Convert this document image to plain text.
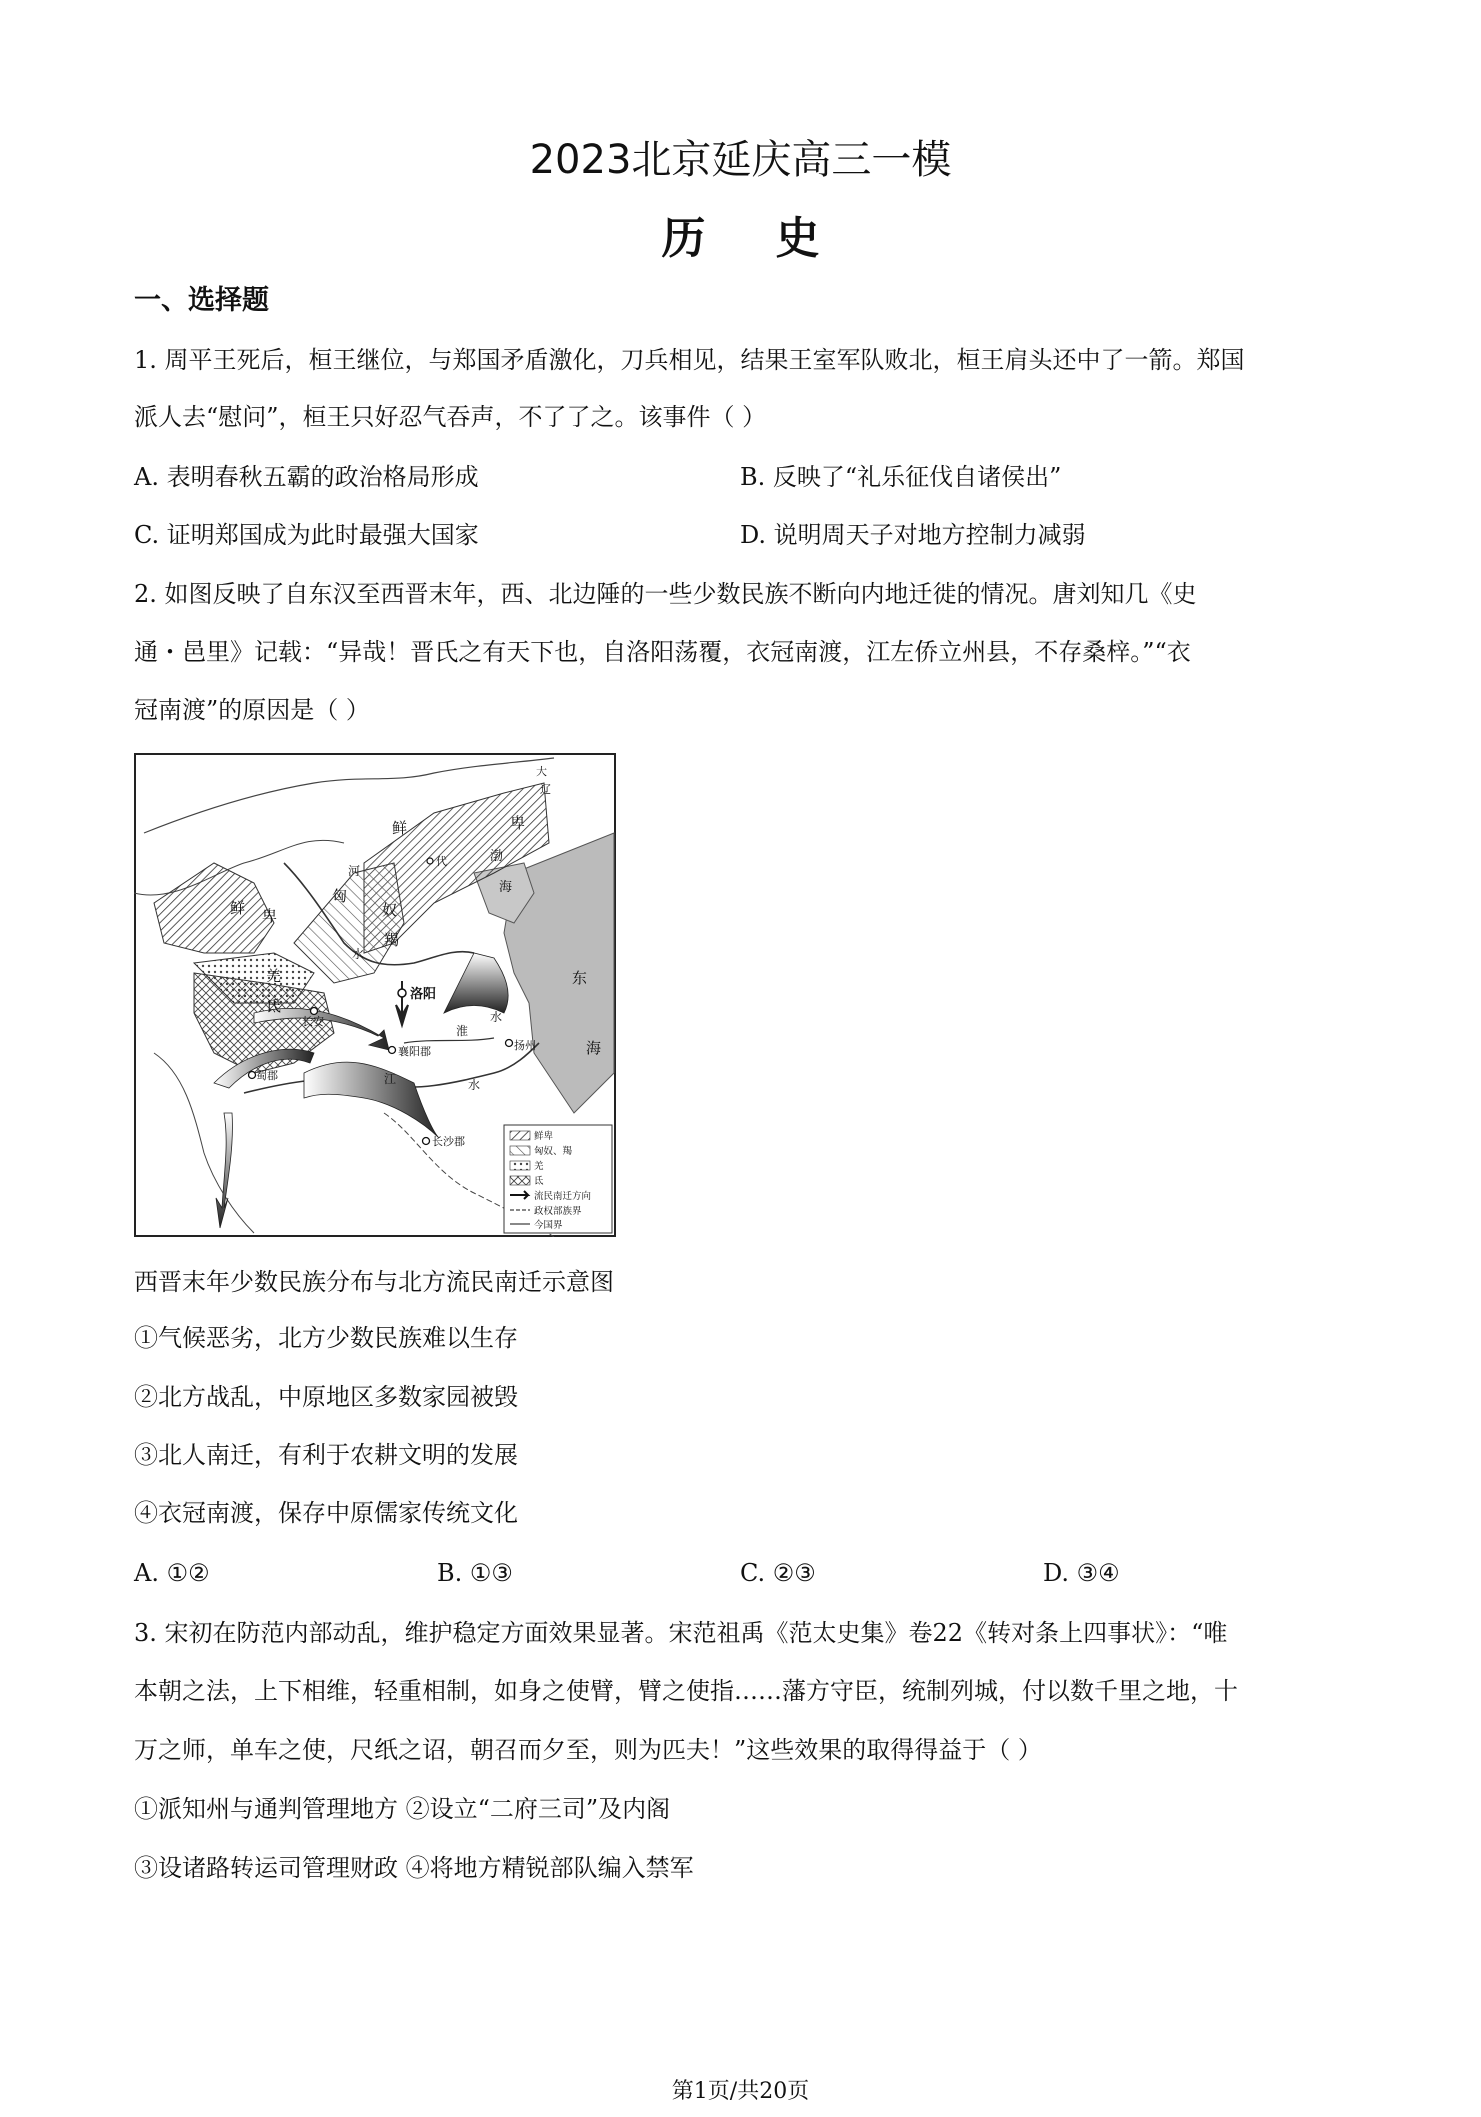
2023北京延庆高三一模
历史
一、选择题
1. 周平王死后，桓王继位，与郑国矛盾激化，刀兵相见，结果王室军队败北，桓王肩头还中了一箭。郑国
派人去“慰问”，桓王只好忍气吞声，不了了之。该事件（ ）
A. 表明春秋五霸的政治格局形成	B. 反映了“礼乐征伐自诸侯出”
C. 证明郑国成为此时最强大国家	D. 说明周天子对地方控制力减弱
2. 如图反映了自东汉至西晋末年，西、北边陲的一些少数民族不断向内地迁徙的情况。唐刘知几《史
通・邑里》记载：“异哉！晋氏之有天下也，自洛阳荡覆，衣冠南渡，江左侨立州县，不存桑梓。”“衣
冠南渡”的原因是（ ）
鲜	卑
鲜 卑
匈
奴
羯
羌
氐
河
水
渤
海
东
海
大
辽
代
洛阳
长安
襄阳郡
蜀郡
扬州
长沙郡
淮
水
江	水
鲜卑
匈奴、羯
羌
氐
流民南迁方向
政权部族界
今国界
西晋末年少数民族分布与北方流民南迁示意图
①气候恶劣，北方少数民族难以生存
②北方战乱，中原地区多数家园被毁
③北人南迁，有利于农耕文明的发展
④衣冠南渡，保存中原儒家传统文化
A. ①②	B. ①③	C. ②③	D. ③④
3. 宋初在防范内部动乱，维护稳定方面效果显著。宋范祖禹《范太史集》卷22《转对条上四事状》：“唯
本朝之法，上下相维，轻重相制，如身之使臂，臂之使指……藩方守臣，统制列城，付以数千里之地，十
万之师，单车之使，尺纸之诏，朝召而夕至，则为匹夫！”这些效果的取得得益于（ ）
①派知州与通判管理地方 ②设立“二府三司”及内阁
③设诸路转运司管理财政 ④将地方精锐部队编入禁军
第1页/共20页
